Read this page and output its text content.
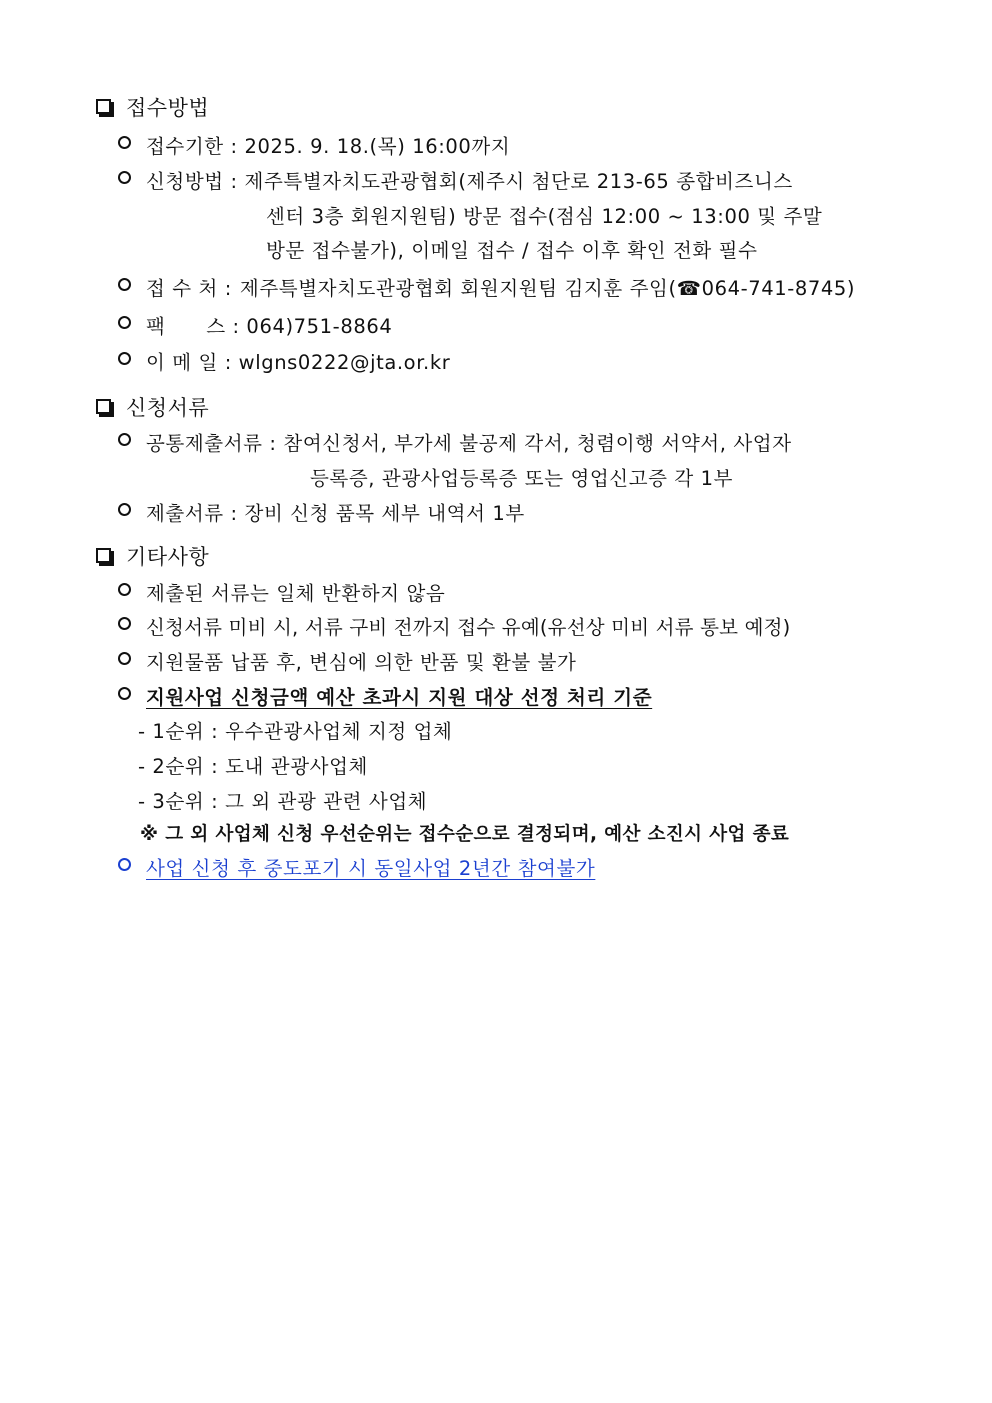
접수방법
접수기한 : 2025. 9. 18.(목) 16:00까지
신청방법 : 제주특별자치도관광협회(제주시 첨단로 213-65 종합비즈니스
센터 3층 회원지원팀) 방문 접수(점심 12:00 ~ 13:00 및 주말
방문 접수불가), 이메일 접수 / 접수 이후 확인 전화 필수
접 수 처 : 제주특별자치도관광협회 회원지원팀 김지훈 주임(☎064-741-8745)
팩      스 : 064)751-8864
이 메 일 : wlgns0222@jta.or.kr
신청서류
공통제출서류 : 참여신청서, 부가세 불공제 각서, 청렴이행 서약서, 사업자
등록증, 관광사업등록증 또는 영업신고증 각 1부
제출서류 : 장비 신청 품목 세부 내역서 1부
기타사항
제출된 서류는 일체 반환하지 않음
신청서류 미비 시, 서류 구비 전까지 접수 유예(유선상 미비 서류 통보 예정)
지원물품 납품 후, 변심에 의한 반품 및 환불 불가
지원사업 신청금액 예산 초과시 지원 대상 선정 처리 기준
- 1순위 : 우수관광사업체 지정 업체
- 2순위 : 도내 관광사업체
- 3순위 : 그 외 관광 관련 사업체
※ 그 외 사업체 신청 우선순위는 접수순으로 결정되며, 예산 소진시 사업 종료
사업 신청 후 중도포기 시 동일사업 2년간 참여불가
